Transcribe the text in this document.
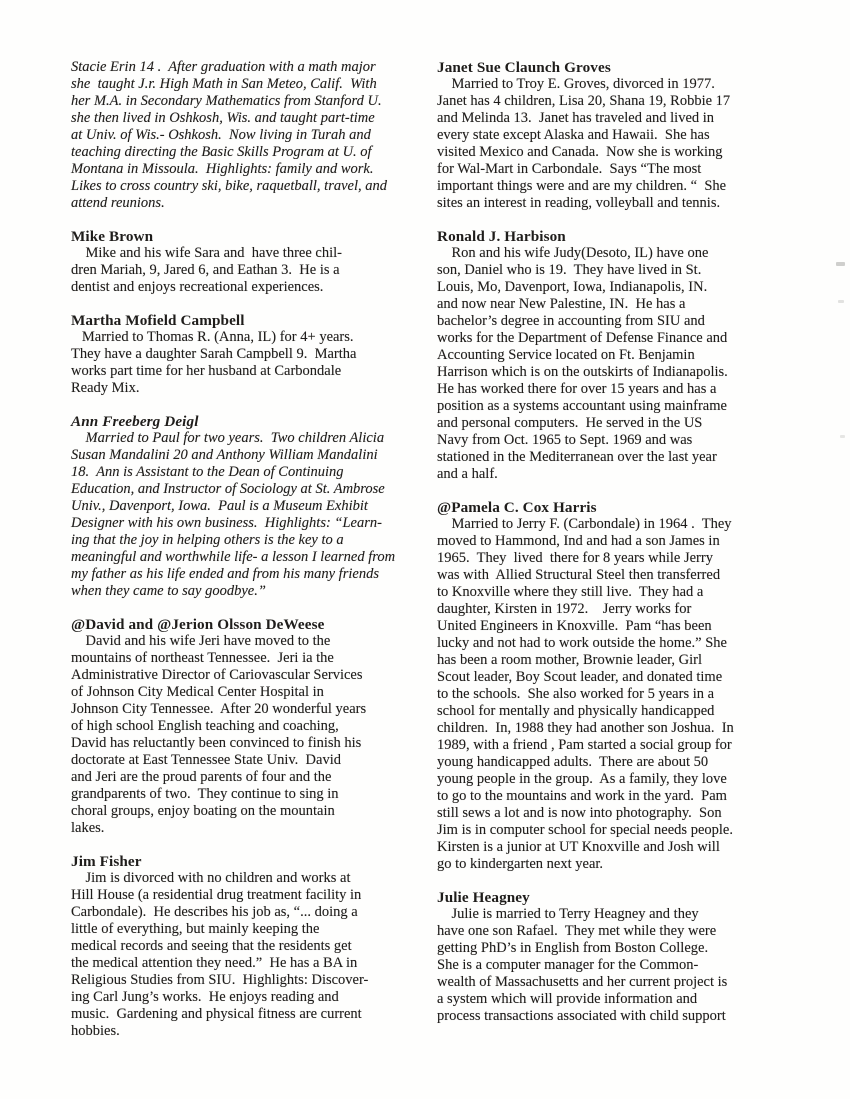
Stacie Erin 14 .  After graduation with a math major
she  taught J.r. High Math in San Meteo, Calif.  With
her M.A. in Secondary Mathematics from Stanford U.
she then lived in Oshkosh, Wis. and taught part-time
at Univ. of Wis.- Oshkosh.  Now living in Turah and
teaching directing the Basic Skills Program at U. of
Montana in Missoula.  Highlights: family and work.
Likes to cross country ski, bike, raquetball, travel, and
attend reunions.
Mike Brown
Mike and his wife Sara and  have three chil-
dren Mariah, 9, Jared 6, and Eathan 3.  He is a
dentist and enjoys recreational experiences.
Martha Mofield Campbell
Married to Thomas R. (Anna, IL) for 4+ years.
They have a daughter Sarah Campbell 9.  Martha
works part time for her husband at Carbondale
Ready Mix.
Ann Freeberg Deigl
Married to Paul for two years.  Two children Alicia
Susan Mandalini 20 and Anthony William Mandalini
18.  Ann is Assistant to the Dean of Continuing
Education, and Instructor of Sociology at St. Ambrose
Univ., Davenport, Iowa.  Paul is a Museum Exhibit
Designer with his own business.  Highlights: “Learn-
ing that the joy in helping others is the key to a
meaningful and worthwhile life- a lesson I learned from
my father as his life ended and from his many friends
when they came to say goodbye.”
@David and @Jerion Olsson DeWeese
David and his wife Jeri have moved to the
mountains of northeast Tennessee.  Jeri ia the
Administrative Director of Cariovascular Services
of Johnson City Medical Center Hospital in
Johnson City Tennessee.  After 20 wonderful years
of high school English teaching and coaching,
David has reluctantly been convinced to finish his
doctorate at East Tennessee State Univ.  David
and Jeri are the proud parents of four and the
grandparents of two.  They continue to sing in
choral groups, enjoy boating on the mountain
lakes.
Jim Fisher
Jim is divorced with no children and works at
Hill House (a residential drug treatment facility in
Carbondale).  He describes his job as, “... doing a
little of everything, but mainly keeping the
medical records and seeing that the residents get
the medical attention they need.”  He has a BA in
Religious Studies from SIU.  Highlights: Discover-
ing Carl Jung’s works.  He enjoys reading and
music.  Gardening and physical fitness are current
hobbies.
Janet Sue Claunch Groves
Married to Troy E. Groves, divorced in 1977.
Janet has 4 children, Lisa 20, Shana 19, Robbie 17
and Melinda 13.  Janet has traveled and lived in
every state except Alaska and Hawaii.  She has
visited Mexico and Canada.  Now she is working
for Wal-Mart in Carbondale.  Says “The most
important things were and are my children. “  She
sites an interest in reading, volleyball and tennis.
Ronald J. Harbison
Ron and his wife Judy(Desoto, IL) have one
son, Daniel who is 19.  They have lived in St.
Louis, Mo, Davenport, Iowa, Indianapolis, IN.
and now near New Palestine, IN.  He has a
bachelor’s degree in accounting from SIU and
works for the Department of Defense Finance and
Accounting Service located on Ft. Benjamin
Harrison which is on the outskirts of Indianapolis.
He has worked there for over 15 years and has a
position as a systems accountant using mainframe
and personal computers.  He served in the US
Navy from Oct. 1965 to Sept. 1969 and was
stationed in the Mediterranean over the last year
and a half.
@Pamela C. Cox Harris
Married to Jerry F. (Carbondale) in 1964 .  They
moved to Hammond, Ind and had a son James in
1965.  They  lived  there for 8 years while Jerry
was with  Allied Structural Steel then transferred
to Knoxville where they still live.  They had a
daughter, Kirsten in 1972.    Jerry works for
United Engineers in Knoxville.  Pam “has been
lucky and not had to work outside the home.” She
has been a room mother, Brownie leader, Girl
Scout leader, Boy Scout leader, and donated time
to the schools.  She also worked for 5 years in a
school for mentally and physically handicapped
children.  In, 1988 they had another son Joshua.  In
1989, with a friend , Pam started a social group for
young handicapped adults.  There are about 50
young people in the group.  As a family, they love
to go to the mountains and work in the yard.  Pam
still sews a lot and is now into photography.  Son
Jim is in computer school for special needs people.
Kirsten is a junior at UT Knoxville and Josh will
go to kindergarten next year.
Julie Heagney
Julie is married to Terry Heagney and they
have one son Rafael.  They met while they were
getting PhD’s in English from Boston College.
She is a computer manager for the Common-
wealth of Massachusetts and her current project is
a system which will provide information and
process transactions associated with child support
